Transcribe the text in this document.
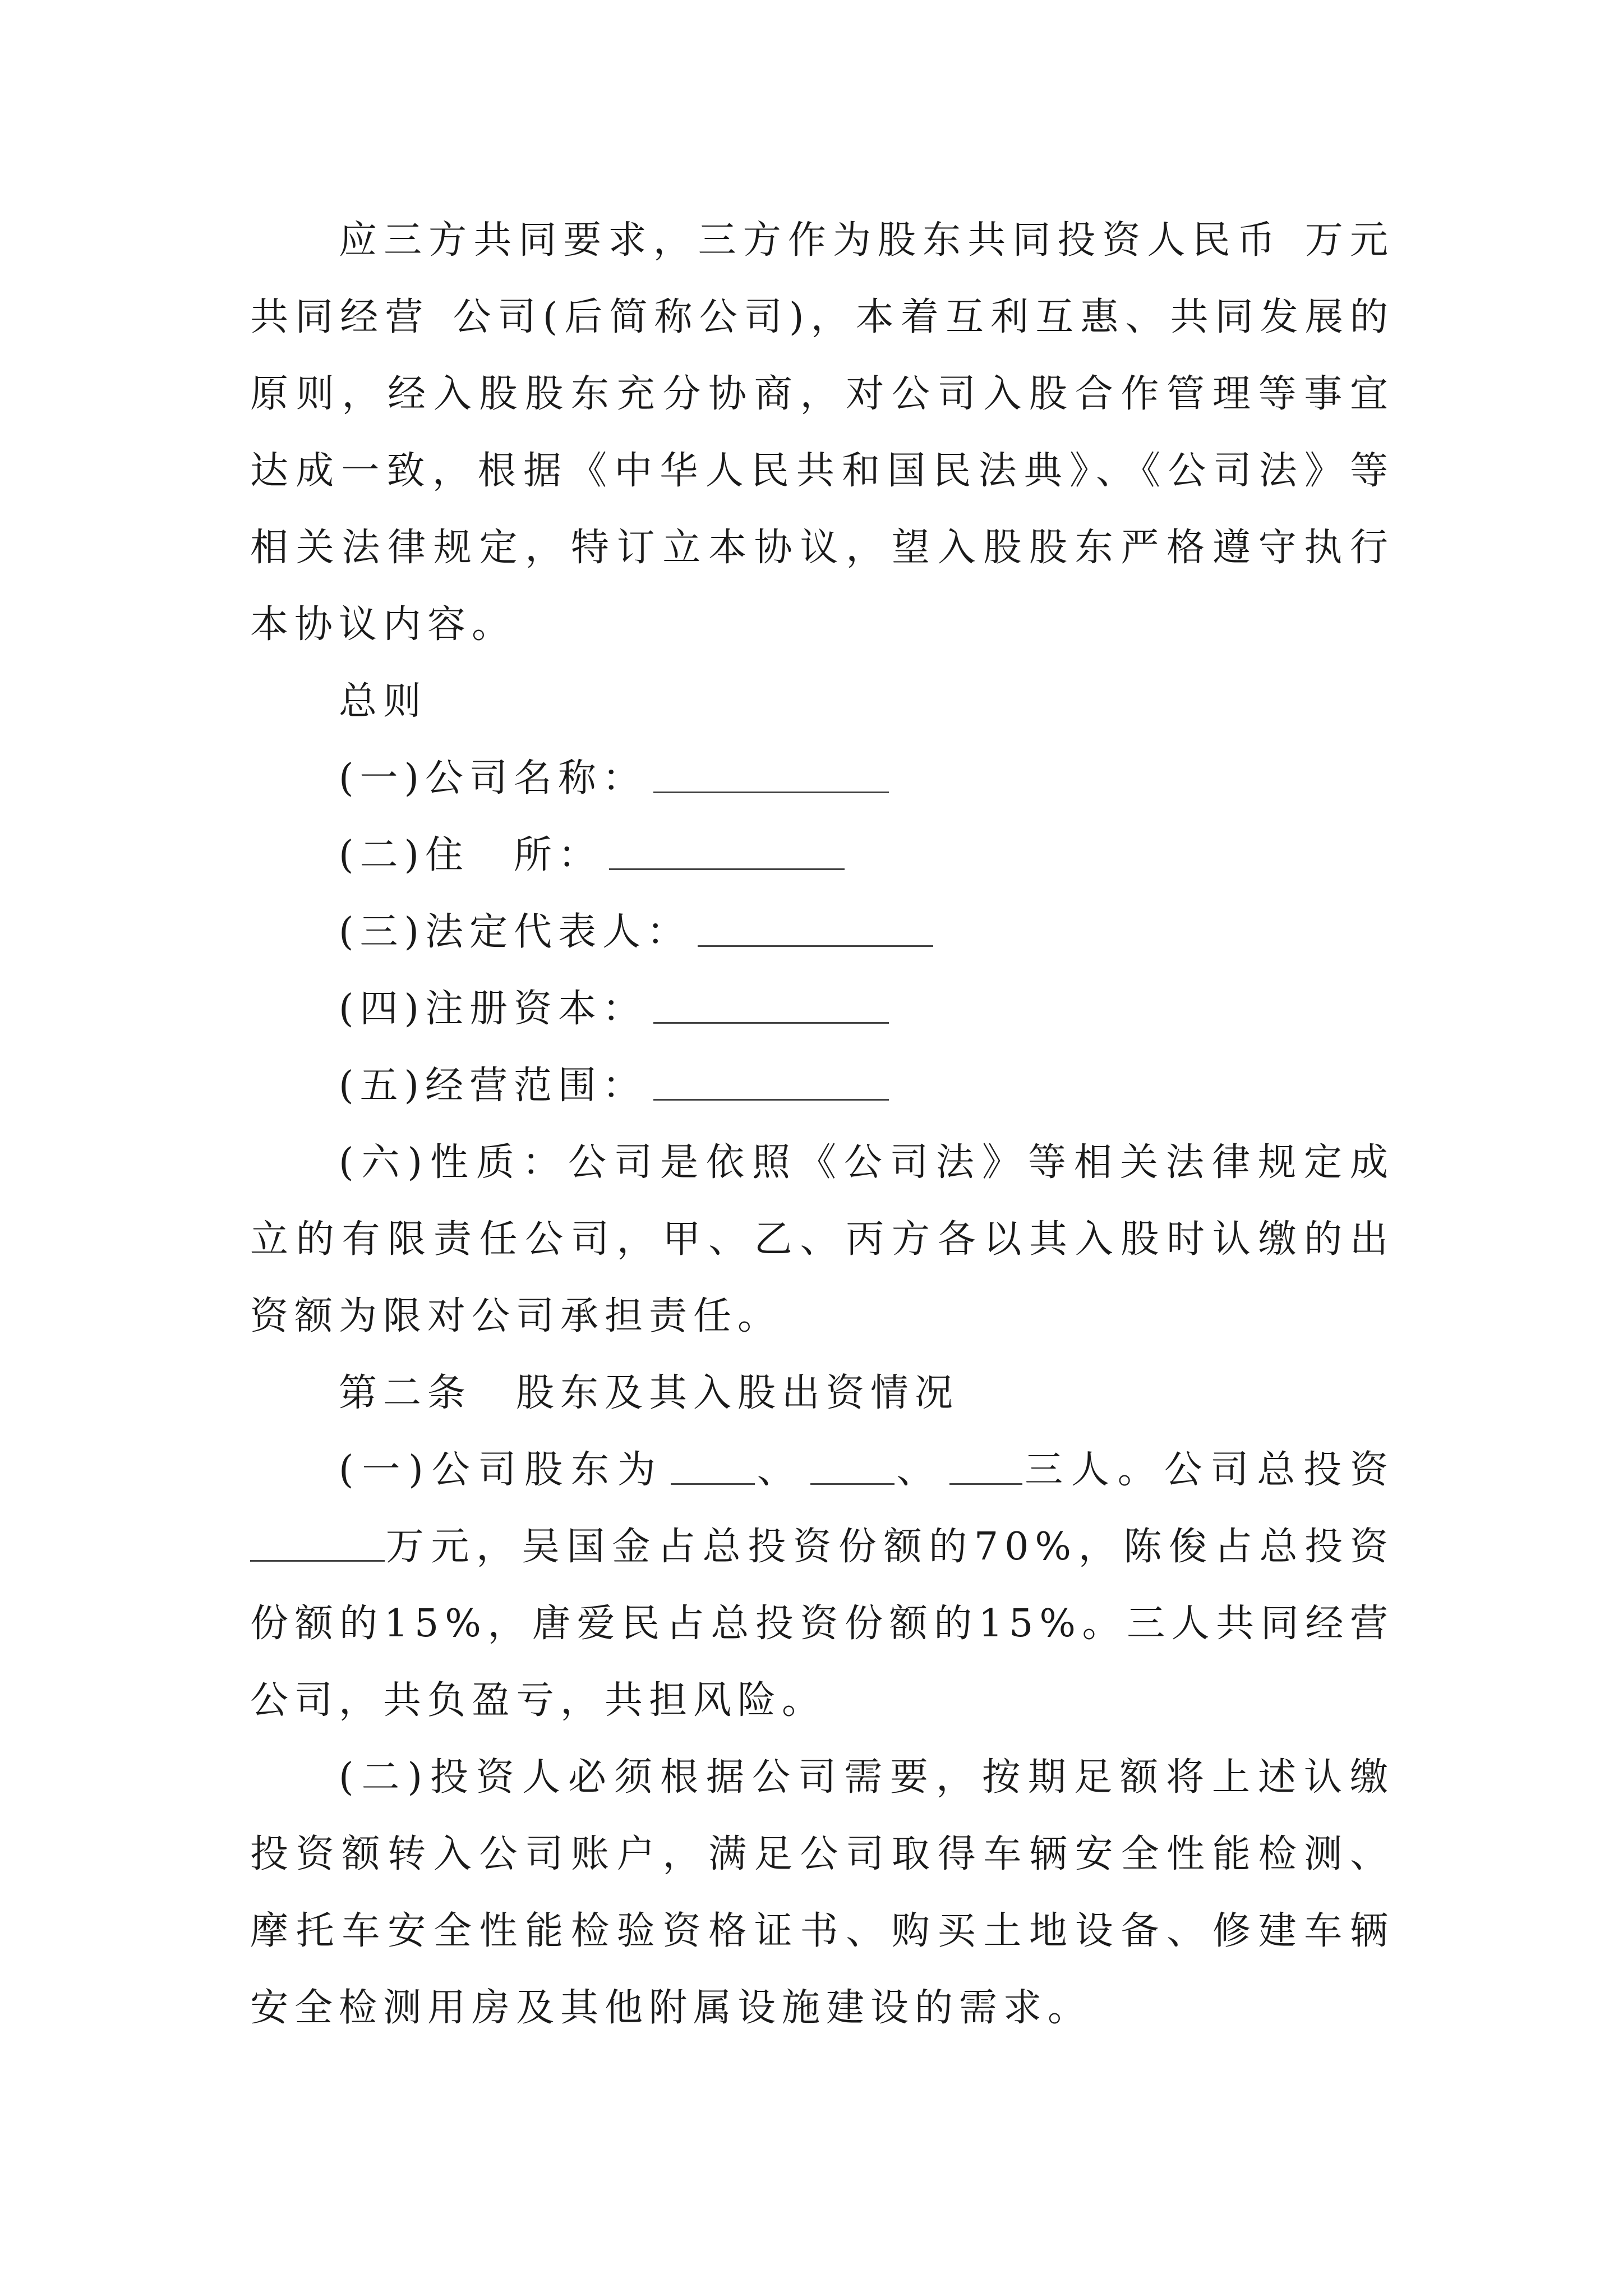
应三方共同要求，三方作为股东共同投资人民币 万元共同经营 公司(后简称公司)，本着互利互惠、共同发展的原则，经入股股东充分协商，对公司入股合作管理等事宜达成一致，根据《中华人民共和国民法典》、《公司法》等相关法律规定，特订立本协议，望入股股东严格遵守执行本协议内容。

总则

(一)公司名称：

(二)住　所：

(三)法定代表人：

(四)注册资本：

(五)经营范围：

(六)性质：公司是依照《公司法》等相关法律规定成立的有限责任公司，甲、乙、丙方各以其入股时认缴的出资额为限对公司承担责任。

第二条　股东及其入股出资情况

(一)公司股东为 、 、 三人。公司总投资万元，吴国金占总投资份额的70%，陈俊占总投资份额的15%，唐爱民占总投资份额的15%。三人共同经营公司，共负盈亏，共担风险。

(二)投资人必须根据公司需要，按期足额将上述认缴投资额转入公司账户，满足公司取得车辆安全性能检测、摩托车安全性能检验资格证书、购买土地设备、修建车辆安全检测用房及其他附属设施建设的需求。
